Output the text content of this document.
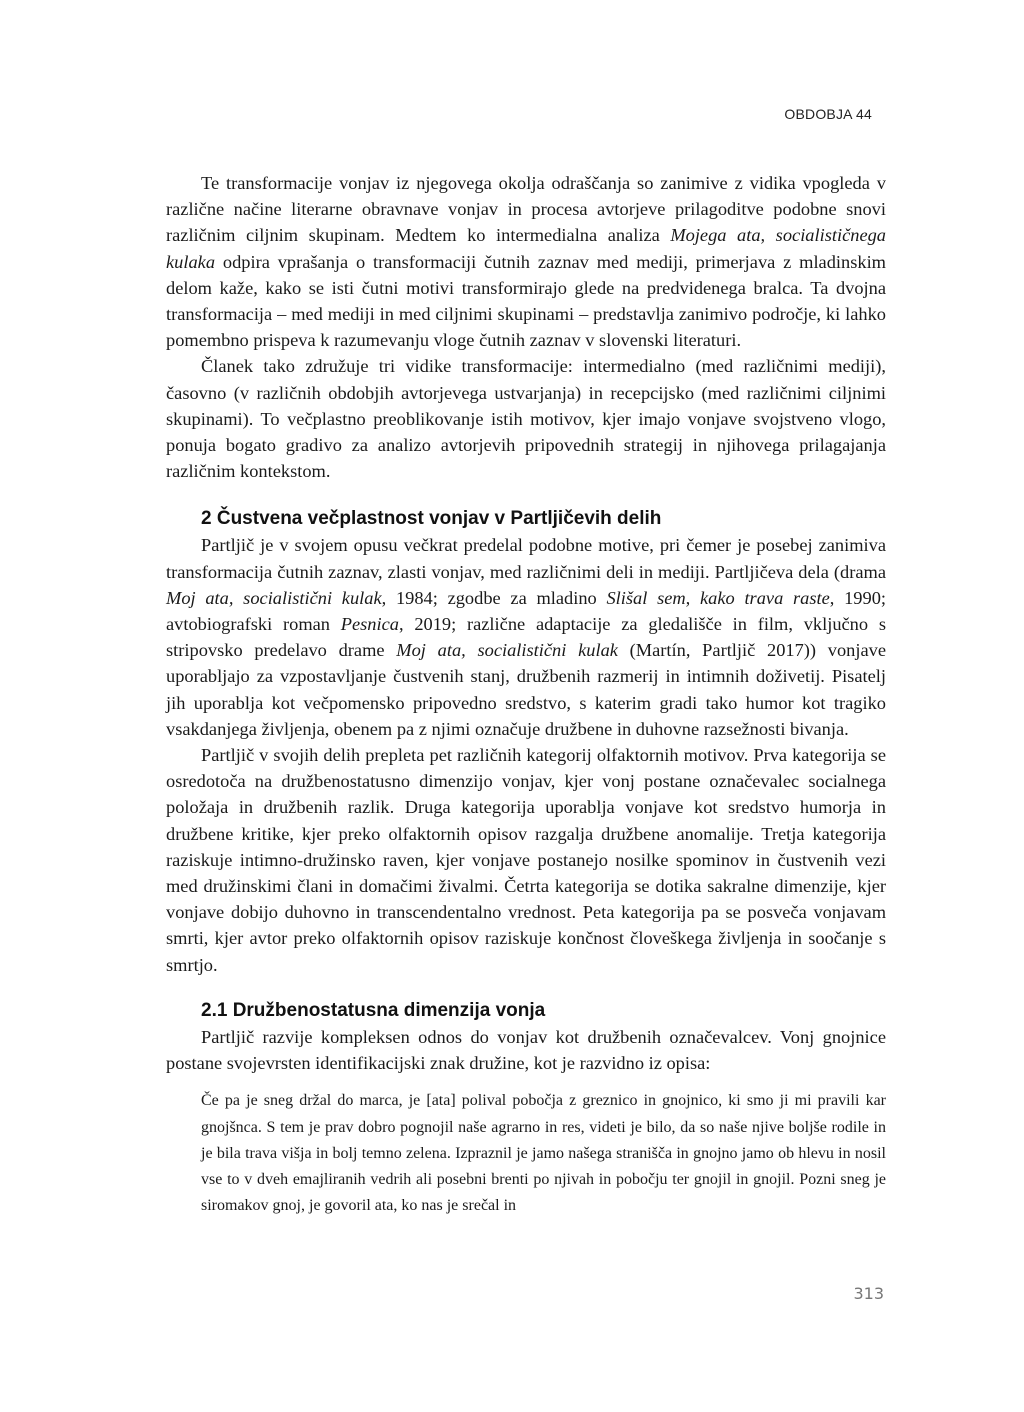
OBDOBJA 44

Te transformacije vonjav iz njegovega okolja odraščanja so zanimive z vidika vpogleda v različne načine literarne obravnave vonjav in procesa avtorjeve prilagoditve podobne snovi različnim ciljnim skupinam. Medtem ko intermedialna analiza Mojega ata, socialističnega kulaka odpira vprašanja o transformaciji čutnih zaznav med mediji, primerjava z mladinskim delom kaže, kako se isti čutni motivi transformirajo glede na predvidenega bralca. Ta dvojna transformacija – med mediji in med ciljnimi skupinami – predstavlja zanimivo področje, ki lahko pomembno prispeva k razumevanju vloge čutnih zaznav v slovenski literaturi.

Članek tako združuje tri vidike transformacije: intermedialno (med različnimi mediji), časovno (v različnih obdobjih avtorjevega ustvarjanja) in recepcijsko (med različnimi ciljnimi skupinami). To večplastno preoblikovanje istih motivov, kjer imajo vonjave svojstveno vlogo, ponuja bogato gradivo za analizo avtorjevih pripovednih strategij in njihovega prilagajanja različnim kontekstom.

2 Čustvena večplastnost vonjav v Partljičevih delih

Partljič je v svojem opusu večkrat predelal podobne motive, pri čemer je posebej zanimiva transformacija čutnih zaznav, zlasti vonjav, med različnimi deli in mediji. Partljičeva dela (drama Moj ata, socialistični kulak, 1984; zgodbe za mladino Slišal sem, kako trava raste, 1990; avtobiografski roman Pesnica, 2019; različne adaptacije za gledališče in film, vključno s stripovsko predelavo drame Moj ata, socialistični kulak (Martín, Partljič 2017)) vonjave uporabljajo za vzpostavljanje čustvenih stanj, družbenih razmerij in intimnih doživetij. Pisatelj jih uporablja kot večpomensko pripovedno sredstvo, s katerim gradi tako humor kot tragiko vsakdanjega življenja, obenem pa z njimi označuje družbene in duhovne razsežnosti bivanja.

Partljič v svojih delih prepleta pet različnih kategorij olfaktornih motivov. Prva kategorija se osredotoča na družbenostatusno dimenzijo vonjav, kjer vonj postane označevalec socialnega položaja in družbenih razlik. Druga kategorija uporablja vonjave kot sredstvo humorja in družbene kritike, kjer preko olfaktornih opisov razgalja družbene anomalije. Tretja kategorija raziskuje intimno-družinsko raven, kjer vonjave postanejo nosilke spominov in čustvenih vezi med družinskimi člani in domačimi živalmi. Četrta kategorija se dotika sakralne dimenzije, kjer vonjave dobijo duhovno in transcendentalno vrednost. Peta kategorija pa se posveča vonjavam smrti, kjer avtor preko olfaktornih opisov raziskuje končnost človeškega življenja in soočanje s smrtjo.

2.1 Družbenostatusna dimenzija vonja

Partljič razvije kompleksen odnos do vonjav kot družbenih označevalcev. Vonj gnojnice postane svojevrsten identifikacijski znak družine, kot je razvidno iz opisa:

Če pa je sneg držal do marca, je [ata] polival pobočja z greznico in gnojnico, ki smo ji mi pravili kar gnojšnca. S tem je prav dobro pognojil naše agrarno in res, videti je bilo, da so naše njive boljše rodile in je bila trava višja in bolj temno zelena. Izpraznil je jamo našega stranišča in gnojno jamo ob hlevu in nosil vse to v dveh emajliranih vedrih ali posebni brenti po njivah in pobočju ter gnojil in gnojil. Pozni sneg je siromakov gnoj, je govoril ata, ko nas je srečal in

313
